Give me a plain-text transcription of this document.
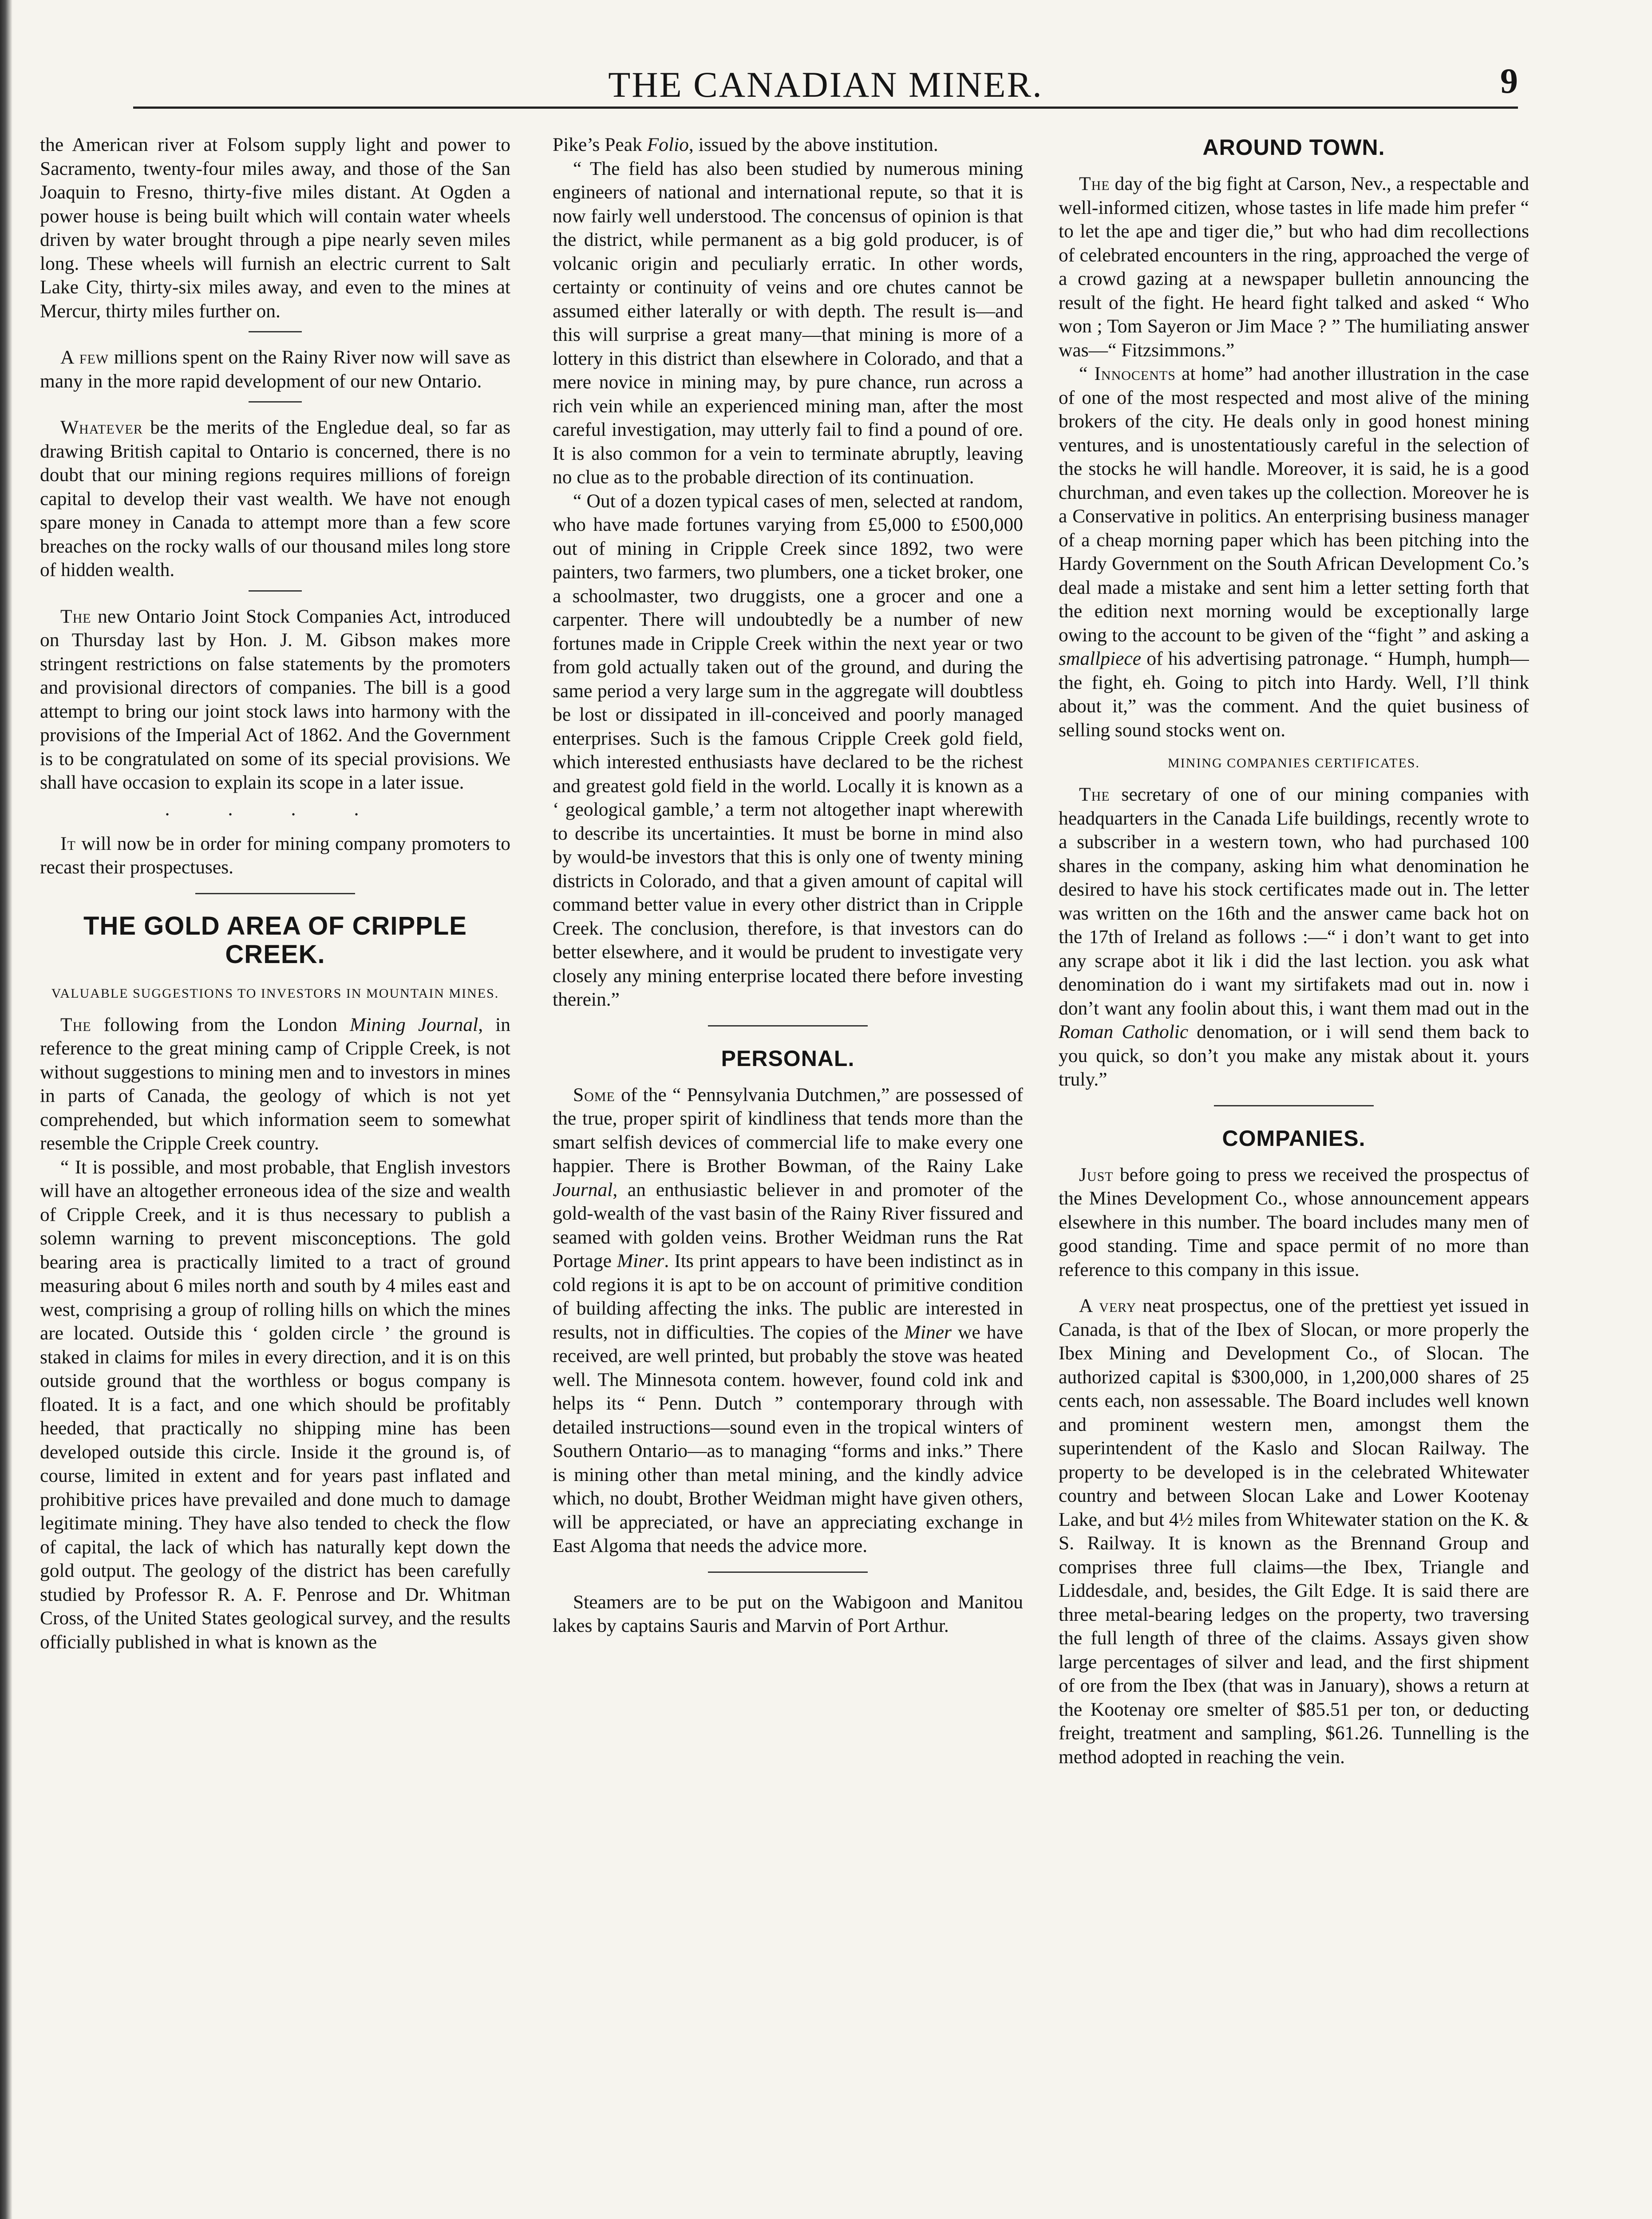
THE CANADIAN MINER.	9

the American river at Folsom supply light and power to Sacramento, twenty-four miles away, and those of the San Joaquin to Fresno, thirty-five miles distant. At Ogden a power house is being built which will contain water wheels driven by water brought through a pipe nearly seven miles long. These wheels will furnish an electric current to Salt Lake City, thirty-six miles away, and even to the mines at Mercur, thirty miles further on.

A few millions spent on the Rainy River now will save as many in the more rapid development of our new Ontario.

Whatever be the merits of the Engledue deal, so far as drawing British capital to Ontario is concerned, there is no doubt that our mining regions requires millions of foreign capital to develop their vast wealth. We have not enough spare money in Canada to attempt more than a few score breaches on the rocky walls of our thousand miles long store of hidden wealth.

The new Ontario Joint Stock Companies Act, introduced on Thursday last by Hon. J. M. Gibson makes more stringent restrictions on false statements by the promoters and provisional directors of companies. The bill is a good attempt to bring our joint stock laws into harmony with the provisions of the Imperial Act of 1862. And the Government is to be congratulated on some of its special provisions. We shall have occasion to explain its scope in a later issue.

. . . .

It will now be in order for mining company promoters to recast their prospectuses.

THE GOLD AREA OF CRIPPLE CREEK.
VALUABLE SUGGESTIONS TO INVESTORS IN MOUNTAIN MINES.

The following from the London Mining Journal, in reference to the great mining camp of Cripple Creek, is not without suggestions to mining men and to investors in mines in parts of Canada, the geology of which is not yet comprehended, but which information seem to somewhat resemble the Cripple Creek country.

“ It is possible, and most probable, that English investors will have an altogether erroneous idea of the size and wealth of Cripple Creek, and it is thus necessary to publish a solemn warning to prevent misconceptions. The gold bearing area is practically limited to a tract of ground measuring about 6 miles north and south by 4 miles east and west, comprising a group of rolling hills on which the mines are located. Outside this ‘ golden circle ’ the ground is staked in claims for miles in every direction, and it is on this outside ground that the worthless or bogus company is floated. It is a fact, and one which should be profitably heeded, that practically no shipping mine has been developed outside this circle. Inside it the ground is, of course, limited in extent and for years past inflated and prohibitive prices have prevailed and done much to damage legitimate mining. They have also tended to check the flow of capital, the lack of which has naturally kept down the gold output. The geology of the district has been carefully studied by Professor R. A. F. Penrose and Dr. Whitman Cross, of the United States geological survey, and the results officially published in what is known as the

Pike’s Peak Folio, issued by the above institution.

“ The field has also been studied by numerous mining engineers of national and international repute, so that it is now fairly well understood. The concensus of opinion is that the district, while permanent as a big gold producer, is of volcanic origin and peculiarly erratic. In other words, certainty or continuity of veins and ore chutes cannot be assumed either laterally or with depth. The result is—and this will surprise a great many—that mining is more of a lottery in this district than elsewhere in Colorado, and that a mere novice in mining may, by pure chance, run across a rich vein while an experienced mining man, after the most careful investigation, may utterly fail to find a pound of ore. It is also common for a vein to terminate abruptly, leaving no clue as to the probable direction of its continuation.

“ Out of a dozen typical cases of men, selected at random, who have made fortunes varying from £5,000 to £500,000 out of mining in Cripple Creek since 1892, two were painters, two farmers, two plumbers, one a ticket broker, one a schoolmaster, two druggists, one a grocer and one a carpenter. There will undoubtedly be a number of new fortunes made in Cripple Creek within the next year or two from gold actually taken out of the ground, and during the same period a very large sum in the aggregate will doubtless be lost or dissipated in ill-conceived and poorly managed enterprises. Such is the famous Cripple Creek gold field, which interested enthusiasts have declared to be the richest and greatest gold field in the world. Locally it is known as a ‘ geological gamble,’ a term not altogether inapt wherewith to describe its uncertainties. It must be borne in mind also by would-be investors that this is only one of twenty mining districts in Colorado, and that a given amount of capital will command better value in every other district than in Cripple Creek. The conclusion, therefore, is that investors can do better elsewhere, and it would be prudent to investigate very closely any mining enterprise located there before investing therein.”

PERSONAL.

Some of the “ Pennsylvania Dutchmen,” are possessed of the true, proper spirit of kindliness that tends more than the smart selfish devices of commercial life to make every one happier. There is Brother Bowman, of the Rainy Lake Journal, an enthusiastic believer in and promoter of the gold-wealth of the vast basin of the Rainy River fissured and seamed with golden veins. Brother Weidman runs the Rat Portage Miner. Its print appears to have been indistinct as in cold regions it is apt to be on account of primitive condition of building affecting the inks. The public are interested in results, not in difficulties. The copies of the Miner we have received, are well printed, but probably the stove was heated well. The Minnesota contem. however, found cold ink and helps its “ Penn. Dutch ” contemporary through with detailed instructions—sound even in the tropical winters of Southern Ontario—as to managing “forms and inks.” There is mining other than metal mining, and the kindly advice which, no doubt, Brother Weidman might have given others, will be appreciated, or have an appreciating exchange in East Algoma that needs the advice more.

Steamers are to be put on the Wabigoon and Manitou lakes by captains Sauris and Marvin of Port Arthur.

AROUND TOWN.

The day of the big fight at Carson, Nev., a respectable and well-informed citizen, whose tastes in life made him prefer “ to let the ape and tiger die,” but who had dim recollections of celebrated encounters in the ring, approached the verge of a crowd gazing at a newspaper bulletin announcing the result of the fight. He heard fight talked and asked “ Who won ; Tom Sayeron or Jim Mace ? ” The humiliating answer was—“ Fitzsimmons.”

“ Innocents at home” had another illustration in the case of one of the most respected and most alive of the mining brokers of the city. He deals only in good honest mining ventures, and is unostentatiously careful in the selection of the stocks he will handle. Moreover, it is said, he is a good churchman, and even takes up the collection. Moreover he is a Conservative in politics. An enterprising business manager of a cheap morning paper which has been pitching into the Hardy Government on the South African Development Co.’s deal made a mistake and sent him a letter setting forth that the edition next morning would be exceptionally large owing to the account to be given of the “fight ” and asking a smallpiece of his advertising patronage. “ Humph, humph—the fight, eh. Going to pitch into Hardy. Well, I’ll think about it,” was the comment. And the quiet business of selling sound stocks went on.

MINING COMPANIES CERTIFICATES.

The secretary of one of our mining companies with headquarters in the Canada Life buildings, recently wrote to a subscriber in a western town, who had purchased 100 shares in the company, asking him what denomination he desired to have his stock certificates made out in. The letter was written on the 16th and the answer came back hot on the 17th of Ireland as follows :—“ i don’t want to get into any scrape abot it lik i did the last lection. you ask what denomination do i want my sirtifakets mad out in. now i don’t want any foolin about this, i want them mad out in the Roman Catholic denomation, or i will send them back to you quick, so don’t you make any mistak about it. yours truly.”

COMPANIES.

Just before going to press we received the prospectus of the Mines Development Co., whose announcement appears elsewhere in this number. The board includes many men of good standing. Time and space permit of no more than reference to this company in this issue.

A very neat prospectus, one of the prettiest yet issued in Canada, is that of the Ibex of Slocan, or more properly the Ibex Mining and Development Co., of Slocan. The authorized capital is $300,000, in 1,200,000 shares of 25 cents each, non assessable. The Board includes well known and prominent western men, amongst them the superintendent of the Kaslo and Slocan Railway. The property to be developed is in the celebrated Whitewater country and between Slocan Lake and Lower Kootenay Lake, and but 4½ miles from Whitewater station on the K. & S. Railway. It is known as the Brennand Group and comprises three full claims—the Ibex, Triangle and Liddesdale, and, besides, the Gilt Edge. It is said there are three metal-bearing ledges on the property, two traversing the full length of three of the claims. Assays given show large percentages of silver and lead, and the first shipment of ore from the Ibex (that was in January), shows a return at the Kootenay ore smelter of $85.51 per ton, or deducting freight, treatment and sampling, $61.26. Tunnelling is the method adopted in reaching the vein.
